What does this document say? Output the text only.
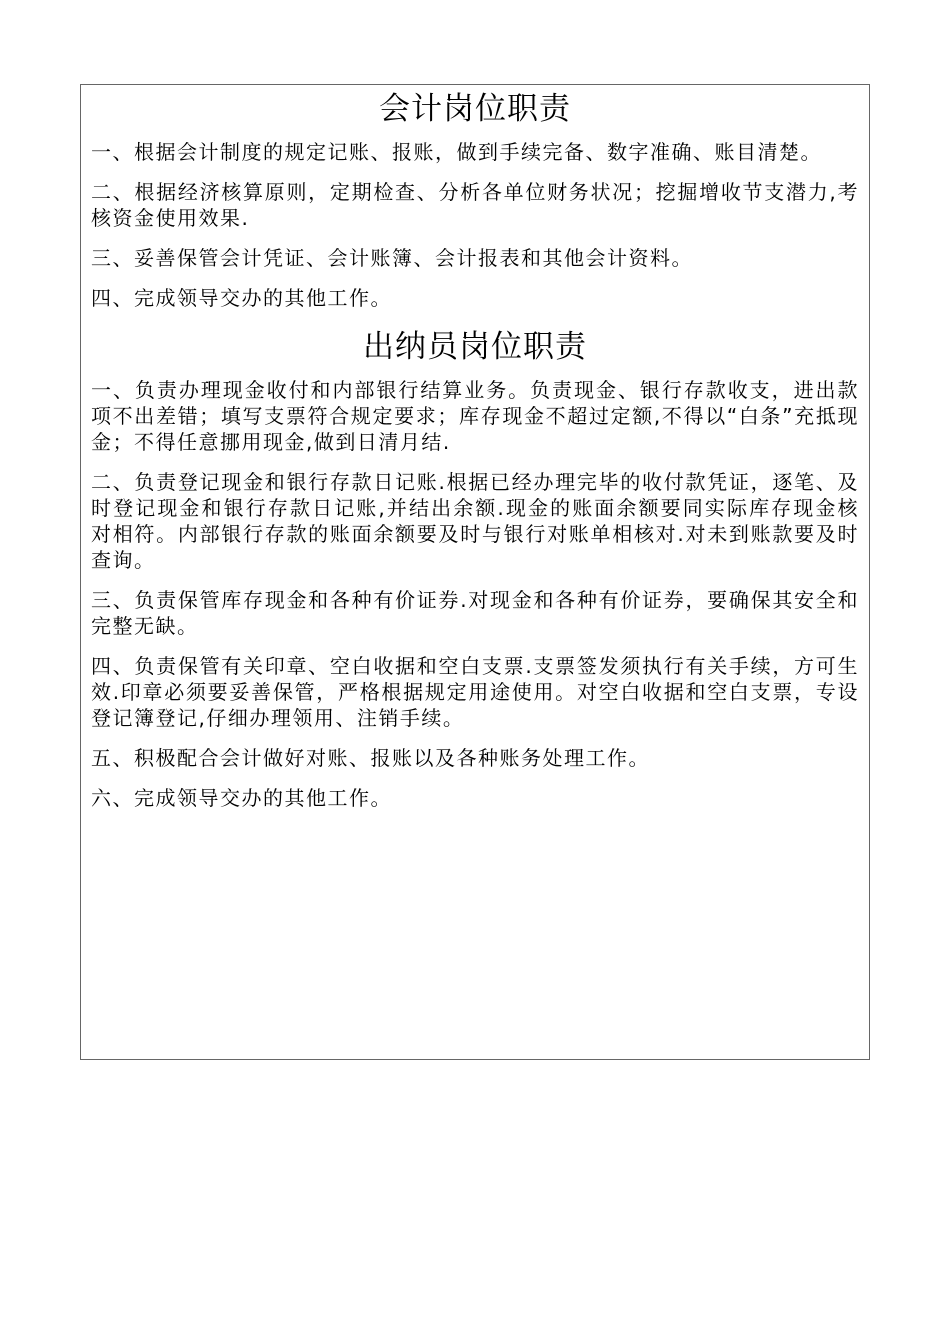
会计岗位职责

一、根据会计制度的规定记账、报账，做到手续完备、数字准确、账目清楚。

二、根据经济核算原则，定期检查、分析各单位财务状况；挖掘增收节支潜力,考核资金使用效果.

三、妥善保管会计凭证、会计账簿、会计报表和其他会计资料。

四、完成领导交办的其他工作。

出纳员岗位职责

一、负责办理现金收付和内部银行结算业务。负责现金、银行存款收支，进出款项不出差错；填写支票符合规定要求；库存现金不超过定额,不得以“白条”充抵现金；不得任意挪用现金,做到日清月结.

二、负责登记现金和银行存款日记账.根据已经办理完毕的收付款凭证，逐笔、及时登记现金和银行存款日记账,并结出余额.现金的账面余额要同实际库存现金核对相符。内部银行存款的账面余额要及时与银行对账单相核对.对未到账款要及时查询。

三、负责保管库存现金和各种有价证券.对现金和各种有价证券，要确保其安全和完整无缺。

四、负责保管有关印章、空白收据和空白支票.支票签发须执行有关手续，方可生效.印章必须要妥善保管，严格根据规定用途使用。对空白收据和空白支票，专设登记簿登记,仔细办理领用、注销手续。

五、积极配合会计做好对账、报账以及各种账务处理工作。

六、完成领导交办的其他工作。
